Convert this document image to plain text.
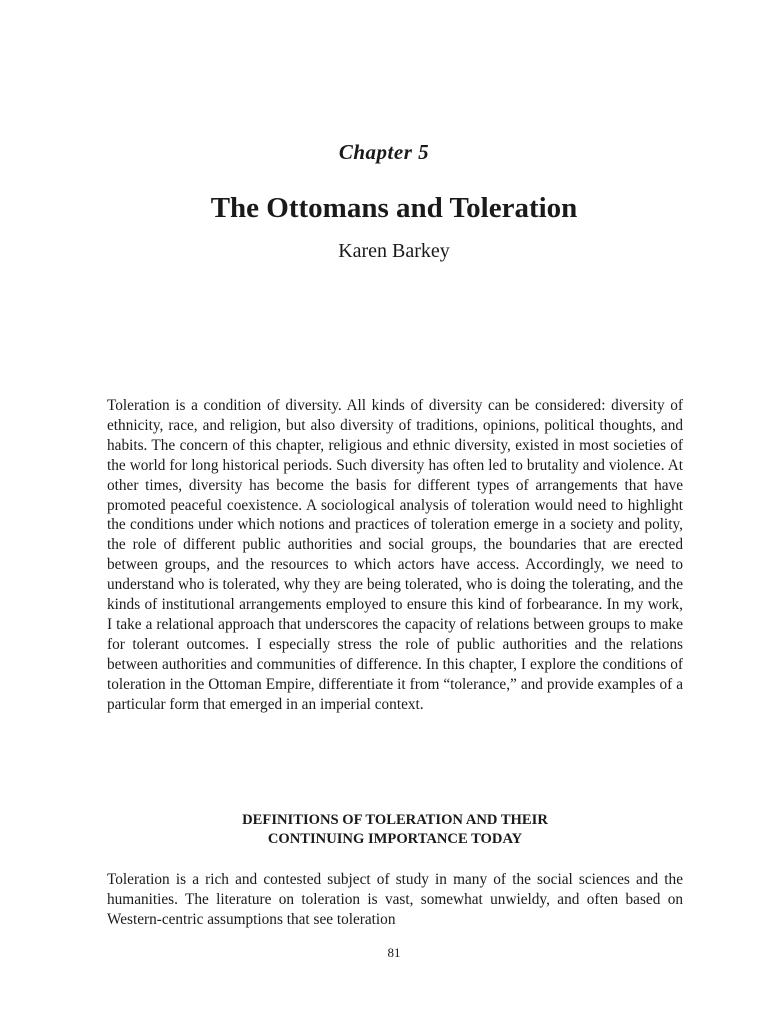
Chapter 5
The Ottomans and Toleration

Karen Barkey

Toleration is a condition of diversity. All kinds of diversity can be considered: diversity of ethnicity, race, and religion, but also diversity of traditions, opinions, political thoughts, and habits. The concern of this chapter, religious and ethnic diversity, existed in most societies of the world for long historical periods. Such diversity has often led to brutality and violence. At other times, diversity has become the basis for different types of arrangements that have promoted peaceful coexistence. A sociological analysis of toleration would need to highlight the conditions under which notions and practices of toleration emerge in a society and polity, the role of different public authorities and social groups, the boundaries that are erected between groups, and the resources to which actors have access. Accordingly, we need to understand who is tolerated, why they are being tolerated, who is doing the tolerating, and the kinds of institutional arrangements employed to ensure this kind of forbearance. In my work, I take a relational approach that underscores the capacity of relations between groups to make for tolerant outcomes. I especially stress the role of public authorities and the relations between authorities and communities of difference. In this chapter, I explore the conditions of toleration in the Ottoman Empire, differentiate it from “tolerance,” and provide examples of a particular form that emerged in an imperial context.

DEFINITIONS OF TOLERATION AND THEIR
CONTINUING IMPORTANCE TODAY

Toleration is a rich and contested subject of study in many of the social sciences and the humanities. The literature on toleration is vast, somewhat unwieldy, and often based on Western-centric assumptions that see toleration

81
